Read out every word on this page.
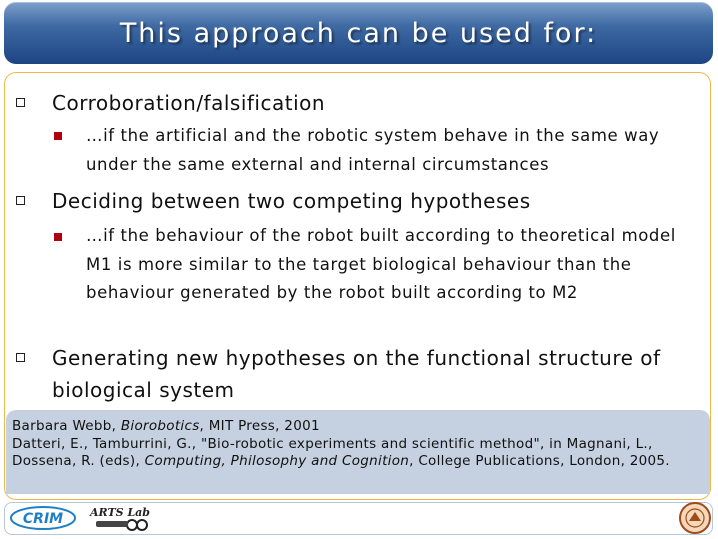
This approach can be used for:
Corroboration/falsification
…if the artificial and the robotic system behave in the same way under the same external and internal circumstances
Deciding between two competing hypotheses
…if the behaviour of the robot built according to theoretical model M1 is more similar to the target biological behaviour than the behaviour generated by the robot built according to M2
Generating new hypotheses on the functional structure of biological system
Barbara Webb, Biorobotics, MIT Press, 2001
Datteri, E., Tamburrini, G., "Bio-robotic experiments and scientific method", in Magnani, L., Dossena, R. (eds), Computing, Philosophy and Cognition, College Publications, London, 2005.
CRIM ARTS Lab
